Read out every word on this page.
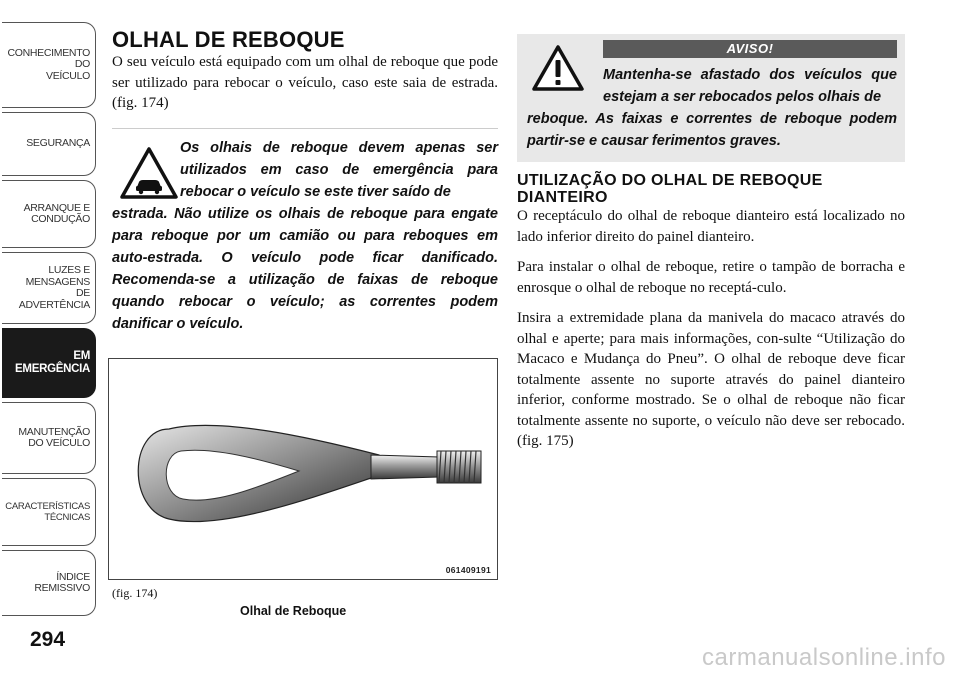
CONHECIMENTO
DO
VEÍCULO
SEGURANÇA
ARRANQUE E
CONDUÇÃO
LUZES E
MENSAGENS
DE
ADVERTÊNCIA
EM
EMERGÊNCIA
MANUTENÇÃO
DO VEÍCULO
CARACTERÍSTICAS
TÉCNICAS
ÍNDICE
REMISSIVO
294
OLHAL DE REBOQUE

O seu veículo está equipado com um olhal de reboque que pode ser utilizado para rebocar o veículo, caso este saia de estrada. (fig. 174)

Os olhais de reboque devem apenas ser utilizados em caso de emergência para rebocar o veículo se este tiver saído de
estrada. Não utilize os olhais de reboque para engate para reboque por um camião ou para reboques em auto-estrada. O veículo pode ficar danificado. Recomenda-se a utilização de faixas de reboque quando rebocar o veículo; as correntes podem danificar o veículo.

061409191
(fig. 174)
Olhal de Reboque
AVISO!

Mantenha-se afastado dos veículos que estejam a ser rebocados pelos olhais de
reboque. As faixas e correntes de reboque podem partir-se e causar ferimentos graves.

UTILIZAÇÃO DO OLHAL DE REBOQUE DIANTEIRO

O receptáculo do olhal de reboque dianteiro está localizado no lado inferior direito do painel dianteiro.

Para instalar o olhal de reboque, retire o tampão de borracha e enrosque o olhal de reboque no receptá-culo.

Insira a extremidade plana da manivela do macaco através do olhal e aperte; para mais informações, con-sulte “Utilização do Macaco e Mudança do Pneu”. O olhal de reboque deve ficar totalmente assente no suporte através do painel dianteiro inferior, conforme mostrado. Se o olhal de reboque não ficar totalmente assente no suporte, o veículo não deve ser rebocado. (fig. 175)

carmanualsonline.info
